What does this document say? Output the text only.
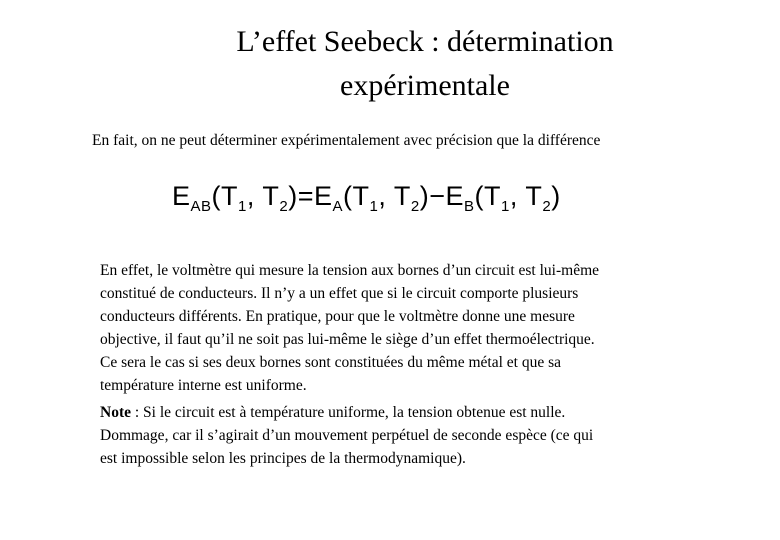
L’effet Seebeck : détermination
expérimentale
En fait, on ne peut déterminer expérimentalement avec précision que la différence
$E_{AB}(T_1$, $T_2)=E_A(T_1$, $T_2)-E_B(T_1$, $T_2$)
En effet, le voltmètre qui mesure la tension aux bornes d’un circuit est lui-même
constitué de conducteurs. Il n’y a un effet que si le circuit comporte plusieurs
conducteurs différents. En pratique, pour que le voltmètre donne une mesure
objective, il faut qu’il ne soit pas lui-même le siège d’un effet thermoélectrique.
Ce sera le cas si ses deux bornes sont constituées du même métal et que sa
température interne est uniforme.
Note : Si le circuit est à température uniforme, la tension obtenue est nulle.
Dommage, car il s’agirait d’un mouvement perpétuel de seconde espèce (ce qui
est impossible selon les principes de la thermodynamique).
